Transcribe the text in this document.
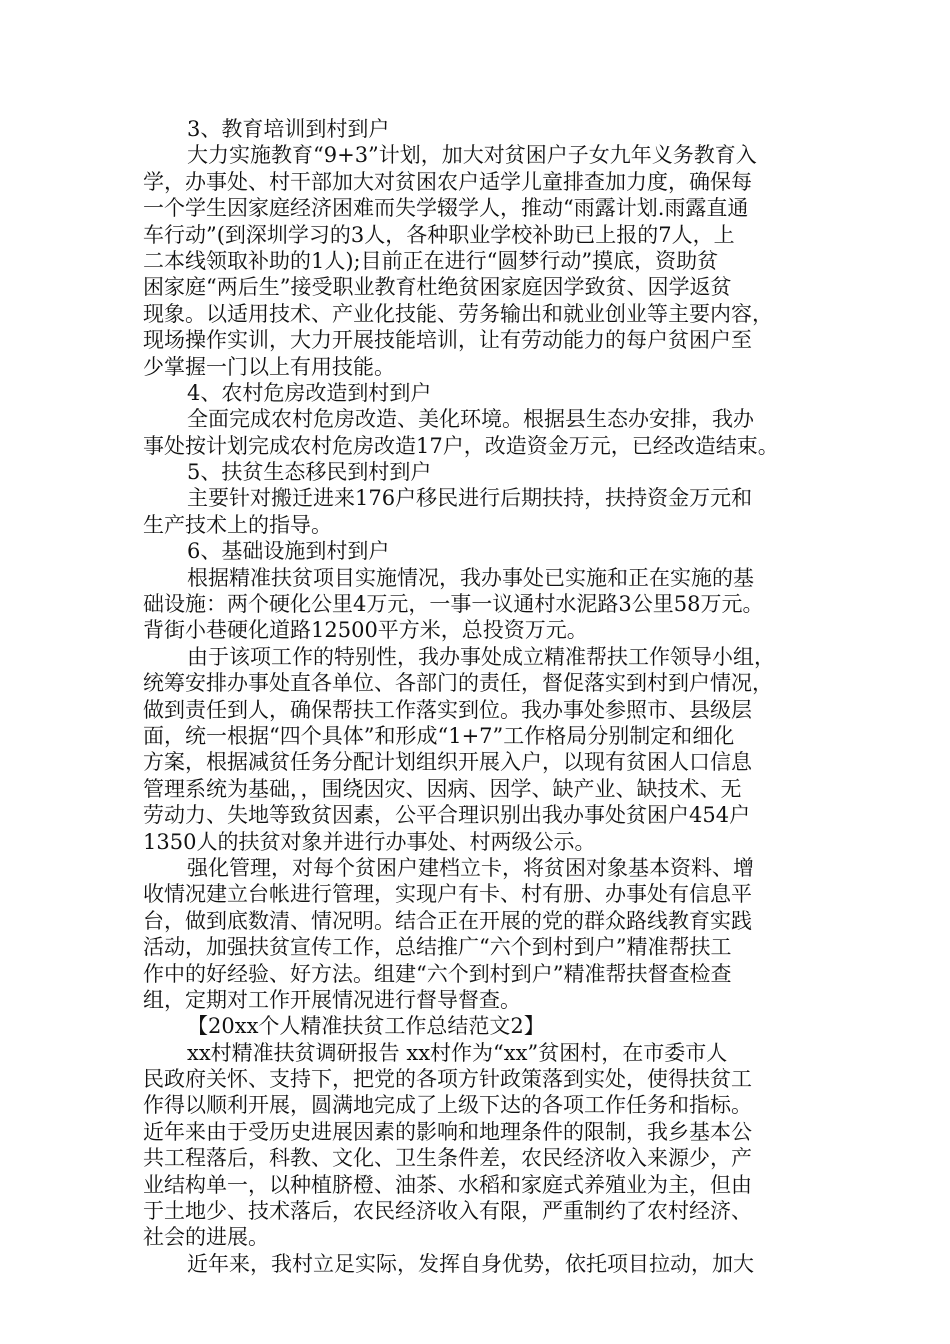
3、教育培训到村到户
大力实施教育“9+3”计划，加大对贫困户子女九年义务教育入
学，办事处、村干部加大对贫困农户适学儿童排查加力度，确保每
一个学生因家庭经济困难而失学辍学人，推动“雨露计划.雨露直通
车行动”(到深圳学习的3人，各种职业学校补助已上报的7人，上
二本线领取补助的1人);目前正在进行“圆梦行动”摸底，资助贫
困家庭“两后生”接受职业教育杜绝贫困家庭因学致贫、因学返贫
现象。以适用技术、产业化技能、劳务输出和就业创业等主要内容，
现场操作实训，大力开展技能培训，让有劳动能力的每户贫困户至
少掌握一门以上有用技能。
4、农村危房改造到村到户
全面完成农村危房改造、美化环境。根据县生态办安排，我办
事处按计划完成农村危房改造17户，改造资金万元，已经改造结束。
5、扶贫生态移民到村到户
主要针对搬迁进来176户移民进行后期扶持，扶持资金万元和
生产技术上的指导。
6、基础设施到村到户
根据精准扶贫项目实施情况，我办事处已实施和正在实施的基
础设施：两个硬化公里4万元，一事一议通村水泥路3公里58万元。
背街小巷硬化道路12500平方米，总投资万元。
由于该项工作的特别性，我办事处成立精准帮扶工作领导小组，
统筹安排办事处直各单位、各部门的责任，督促落实到村到户情况，
做到责任到人，确保帮扶工作落实到位。我办事处参照市、县级层
面，统一根据“四个具体”和形成“1+7”工作格局分别制定和细化
方案，根据减贫任务分配计划组织开展入户，以现有贫困人口信息
管理系统为基础，，围绕因灾、因病、因学、缺产业、缺技术、无
劳动力、失地等致贫因素，公平合理识别出我办事处贫困户454户
1350人的扶贫对象并进行办事处、村两级公示。
强化管理，对每个贫困户建档立卡，将贫困对象基本资料、增
收情况建立台帐进行管理，实现户有卡、村有册、办事处有信息平
台，做到底数清、情况明。结合正在开展的党的群众路线教育实践
活动，加强扶贫宣传工作，总结推广“六个到村到户”精准帮扶工
作中的好经验、好方法。组建“六个到村到户”精准帮扶督查检查
组，定期对工作开展情况进行督导督查。
【20xx个人精准扶贫工作总结范文2】
xx村精准扶贫调研报告 xx村作为“xx”贫困村，在市委市人
民政府关怀、支持下，把党的各项方针政策落到实处，使得扶贫工
作得以顺利开展，圆满地完成了上级下达的各项工作任务和指标。
近年来由于受历史进展因素的影响和地理条件的限制，我乡基本公
共工程落后，科教、文化、卫生条件差，农民经济收入来源少，产
业结构单一，以种植脐橙、油茶、水稻和家庭式养殖业为主，但由
于土地少、技术落后，农民经济收入有限，严重制约了农村经济、
社会的进展。
近年来，我村立足实际，发挥自身优势，依托项目拉动，加大
